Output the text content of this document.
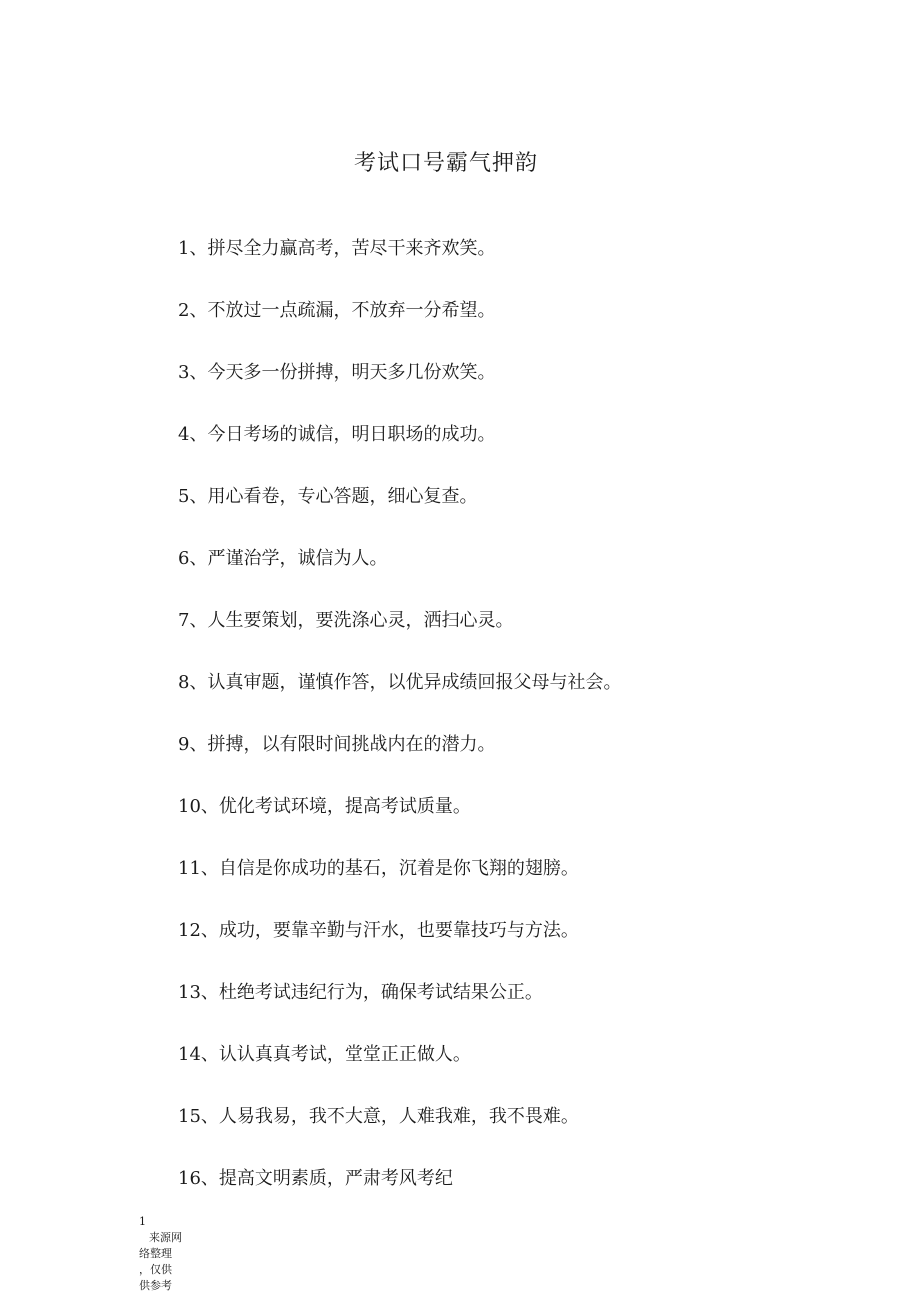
考试口号霸气押韵
1、拼尽全力赢高考，苦尽干来齐欢笑。
2、不放过一点疏漏，不放弃一分希望。
3、今天多一份拼搏，明天多几份欢笑。
4、今日考场的诚信，明日职场的成功。
5、用心看卷，专心答题，细心复查。
6、严谨治学，诚信为人。
7、人生要策划，要洗涤心灵，洒扫心灵。
8、认真审题，谨慎作答，以优异成绩回报父母与社会。
9、拼搏，以有限时间挑战内在的潜力。
10、优化考试环境，提高考试质量。
11、自信是你成功的基石，沉着是你飞翔的翅膀。
12、成功，要靠辛勤与汗水，也要靠技巧与方法。
13、杜绝考试违纪行为，确保考试结果公正。
14、认认真真考试，堂堂正正做人。
15、人易我易，我不大意，人难我难，我不畏难。
16、提高文明素质，严肃考风考纪
1
来源网
络整理
，仅供
供参考
